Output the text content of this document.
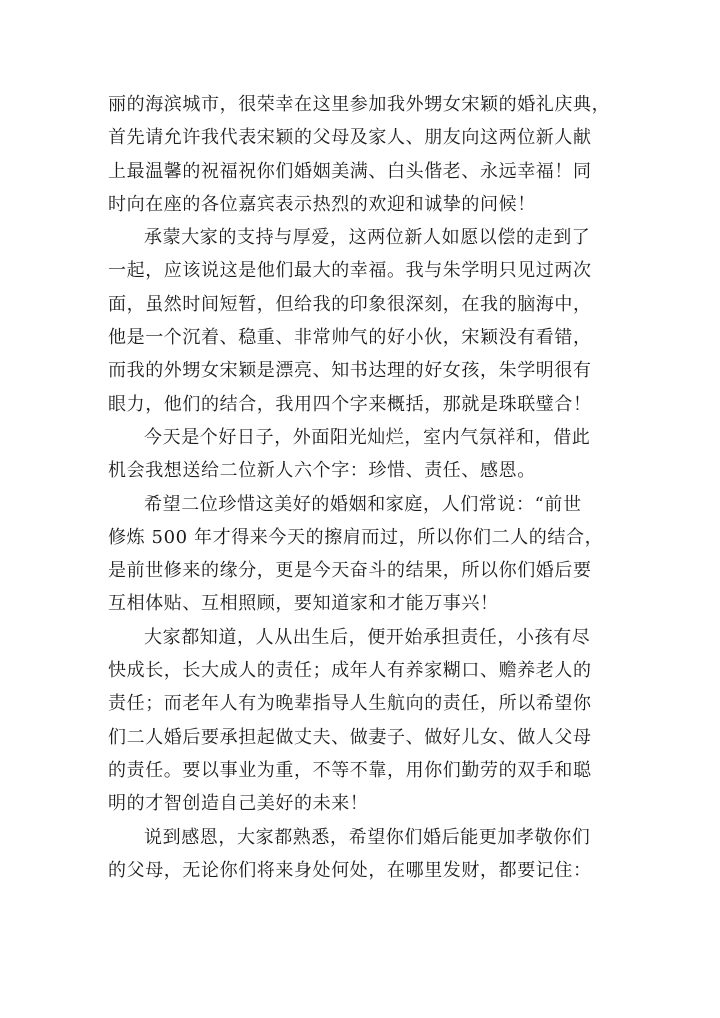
丽的海滨城市，很荣幸在这里参加我外甥女宋颖的婚礼庆典，
首先请允许我代表宋颖的父母及家人、朋友向这两位新人献
上最温馨的祝福祝你们婚姻美满、白头偕老、永远幸福！同
时向在座的各位嘉宾表示热烈的欢迎和诚挚的问候！
承蒙大家的支持与厚爱，这两位新人如愿以偿的走到了
一起，应该说这是他们最大的幸福。我与朱学明只见过两次
面，虽然时间短暂，但给我的印象很深刻，在我的脑海中，
他是一个沉着、稳重、非常帅气的好小伙，宋颖没有看错，
而我的外甥女宋颖是漂亮、知书达理的好女孩，朱学明很有
眼力，他们的结合，我用四个字来概括，那就是珠联璧合！
今天是个好日子，外面阳光灿烂，室内气氛祥和，借此
机会我想送给二位新人六个字：珍惜、责任、感恩。
希望二位珍惜这美好的婚姻和家庭，人们常说：“前世
修炼 500 年才得来今天的擦肩而过，所以你们二人的结合，
是前世修来的缘分，更是今天奋斗的结果，所以你们婚后要
互相体贴、互相照顾，要知道家和才能万事兴！
大家都知道，人从出生后，便开始承担责任，小孩有尽
快成长，长大成人的责任；成年人有养家糊口、赡养老人的
责任；而老年人有为晚辈指导人生航向的责任，所以希望你
们二人婚后要承担起做丈夫、做妻子、做好儿女、做人父母
的责任。要以事业为重，不等不靠，用你们勤劳的双手和聪
明的才智创造自己美好的未来！
说到感恩，大家都熟悉，希望你们婚后能更加孝敬你们
的父母，无论你们将来身处何处，在哪里发财，都要记住：
